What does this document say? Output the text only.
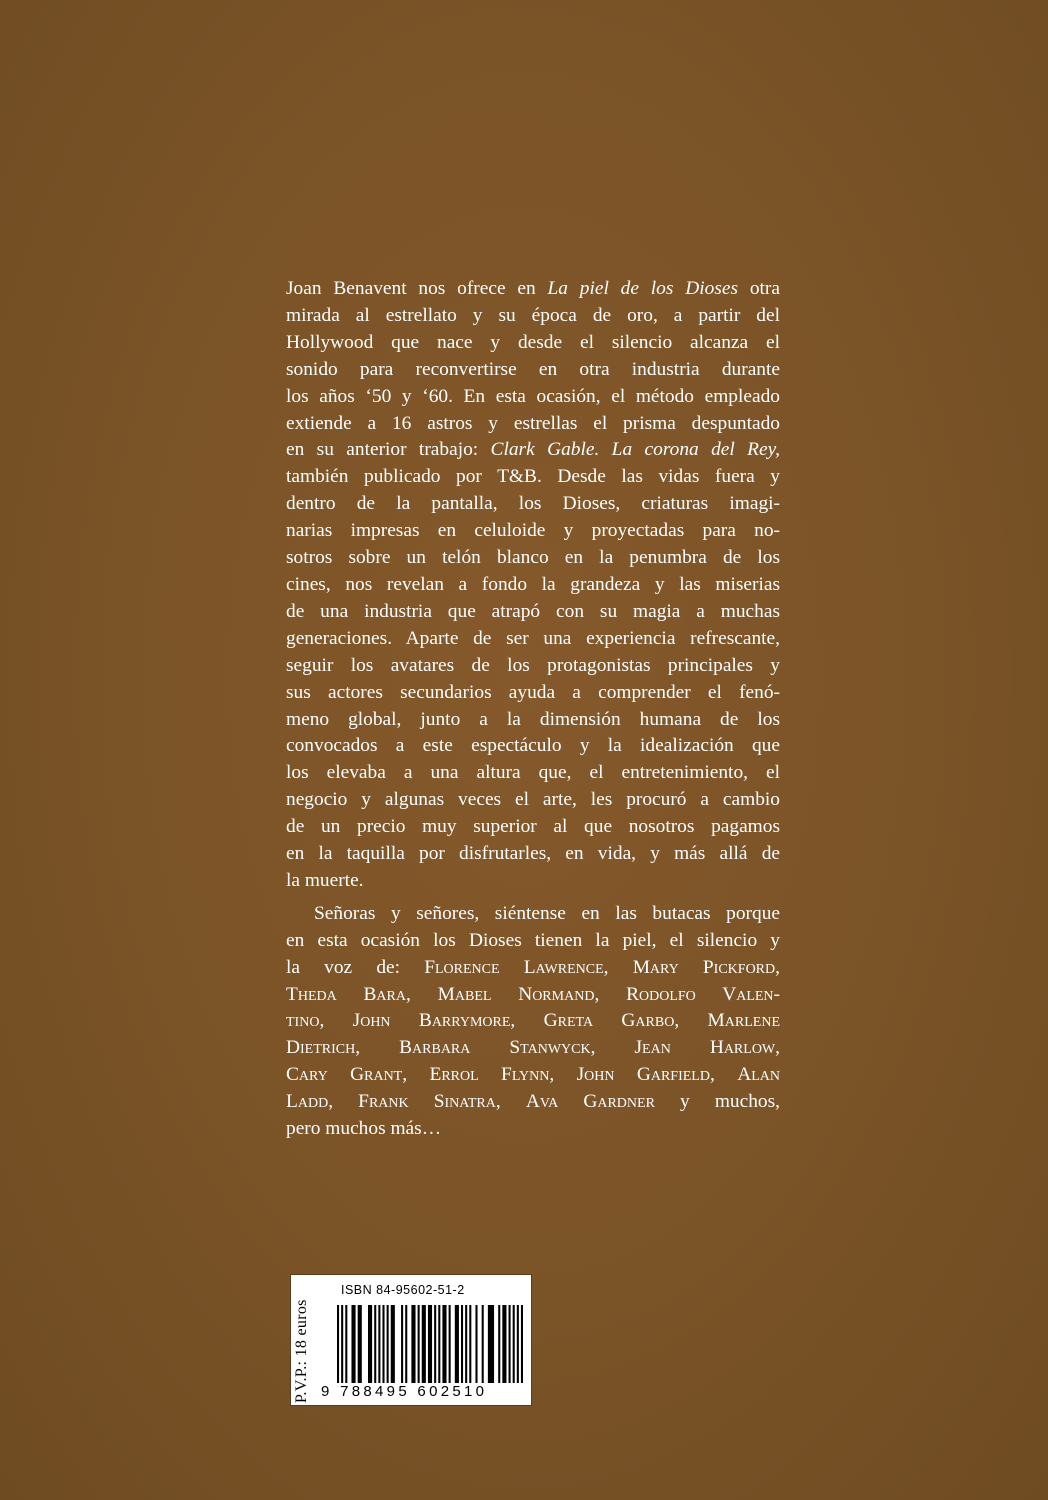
Joan Benavent nos ofrece en La piel de los Dioses otra
mirada al estrellato y su época de oro, a partir del
Hollywood que nace y desde el silencio alcanza el
sonido para reconvertirse en otra industria durante
los años ‘50 y ‘60. En esta ocasión, el método empleado
extiende a 16 astros y estrellas el prisma despuntado
en su anterior trabajo: Clark Gable. La corona del Rey,
también publicado por T&B. Desde las vidas fuera y
dentro de la pantalla, los Dioses, criaturas imagi-
narias impresas en celuloide y proyectadas para no-
sotros sobre un telón blanco en la penumbra de los
cines, nos revelan a fondo la grandeza y las miserias
de una industria que atrapó con su magia a muchas
generaciones. Aparte de ser una experiencia refrescante,
seguir los avatares de los protagonistas principales y
sus actores secundarios ayuda a comprender el fenó-
meno global, junto a la dimensión humana de los
convocados a este espectáculo y la idealización que
los elevaba a una altura que, el entretenimiento, el
negocio y algunas veces el arte, les procuró a cambio
de un precio muy superior al que nosotros pagamos
en la taquilla por disfrutarles, en vida, y más allá de
la muerte.

Señoras y señores, siéntense en las butacas porque
en esta ocasión los Dioses tienen la piel, el silencio y
la voz de: Florence Lawrence, Mary Pickford,
Theda Bara, Mabel Normand, Rodolfo Valen-
tino, John Barrymore, Greta Garbo, Marlene
Dietrich, Barbara Stanwyck, Jean Harlow,
Cary Grant, Errol Flynn, John Garfield, Alan
Ladd, Frank Sinatra, Ava Gardner y muchos,
pero muchos más…

P.V.P.: 18 euros
ISBN 84-95602-51-2
9 788495 602510
